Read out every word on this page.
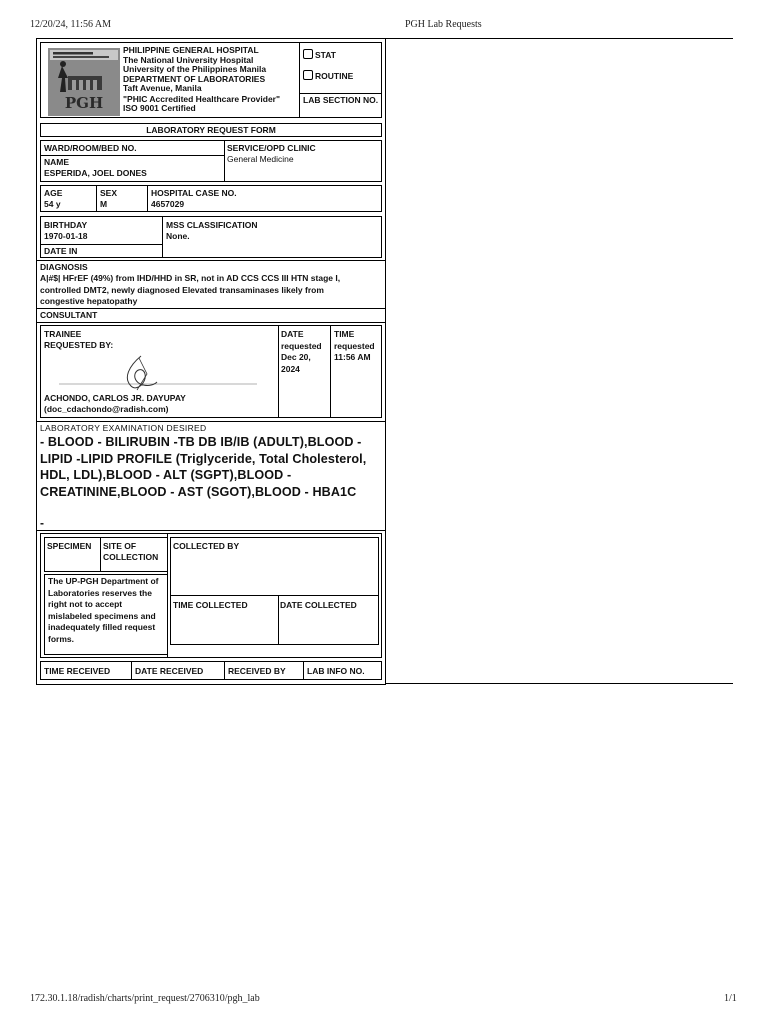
12/20/24, 11:56 AM	PGH Lab Requests
PGH
PHILIPPINE GENERAL HOSPITAL
The National University Hospital
University of the Philippines Manila
DEPARTMENT OF LABORATORIES
Taft Avenue, Manila
"PHIC Accredited Healthcare Provider"
ISO 9001 Certified
STAT
ROUTINE
LAB SECTION NO.
LABORATORY REQUEST FORM
WARD/ROOM/BED NO.
NAME
ESPERIDA, JOEL DONES
SERVICE/OPD CLINIC
General Medicine
AGE
54 y
SEX
M
HOSPITAL CASE NO.
4657029
BIRTHDAY
1970-01-18
DATE IN
MSS CLASSIFICATION
None.
DIAGNOSIS
A|#$| HFrEF (49%) from IHD/HHD in SR, not in AD CCS CCS III HTN stage I, controlled DMT2, newly diagnosed Elevated transaminases likely from congestive hepatopathy
CONSULTANT
TRAINEE
REQUESTED BY:
ACHONDO, CARLOS JR. DAYUPAY
(doc_cdachondo@radish.com)
DATE
requested
Dec 20,
2024
TIME
requested
11:56 AM
LABORATORY EXAMINATION DESIRED
- BLOOD - BILIRUBIN -TB DB IB/IB (ADULT),BLOOD - LIPID -LIPID PROFILE (Triglyceride, Total Cholesterol, HDL, LDL),BLOOD - ALT (SGPT),BLOOD - CREATININE,BLOOD - AST (SGOT),BLOOD - HBA1C
-
SPECIMEN SITE OF
COLLECTION
The UP-PGH Department of Laboratories reserves the right not to accept mislabeled specimens and inadequately filled request forms.
COLLECTED BY
TIME COLLECTED	DATE COLLECTED
TIME RECEIVED	DATE RECEIVED	RECEIVED BY	LAB INFO NO.
172.30.1.18/radish/charts/print_request/2706310/pgh_lab	1/1
